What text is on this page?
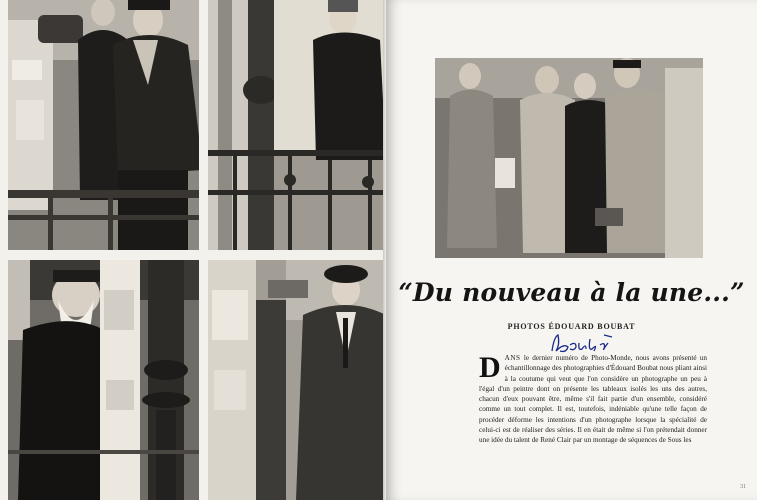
31
“Du nouveau à la une...”
PHOTOS ÉDOUARD BOUBAT
DANS le dernier numéro de Photo-Monde, nous avons présenté un échantillonnage des photographies d'Édouard Boubat nous pliant ainsi à la coutume qui veut que l'on considère un photographe un peu à l'égal d'un peintre dont on présente les tableaux isolés les uns des autres, chacun d'eux pouvant être, même s'il fait partie d'un ensemble, considéré comme un tout complet. Il est, toutefois, indéniable qu'une telle façon de procéder déforme les intentions d'un photographe lorsque la spécialité de celui-ci est de réaliser des séries. Il en était de même si l'on prétendait donner une idée du talent de René Clair par un montage de séquences de Sous les
